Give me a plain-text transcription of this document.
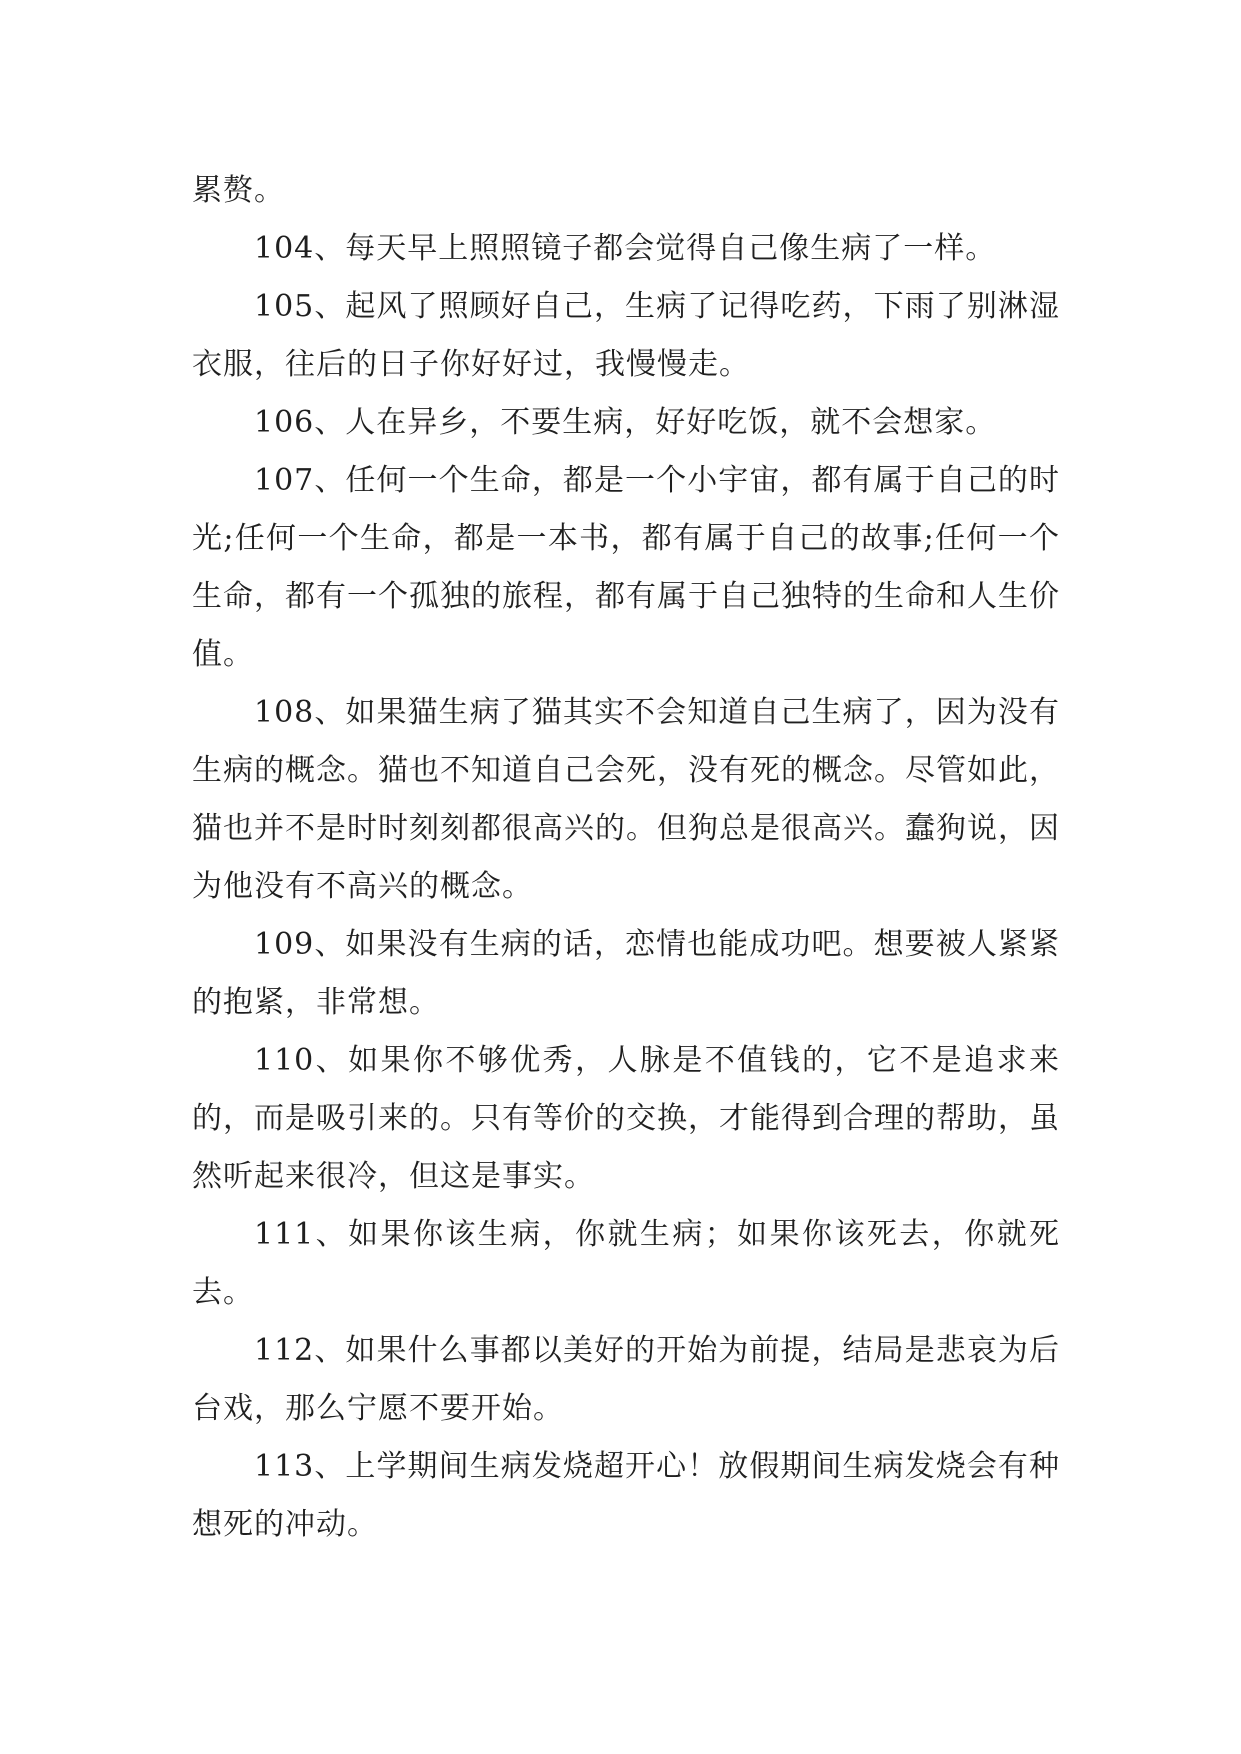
累赘。

104、每天早上照照镜子都会觉得自己像生病了一样。

105、起风了照顾好自己，生病了记得吃药，下雨了别淋湿衣服，往后的日子你好好过，我慢慢走。

106、人在异乡，不要生病，好好吃饭，就不会想家。

107、任何一个生命，都是一个小宇宙，都有属于自己的时光;任何一个生命，都是一本书，都有属于自己的故事;任何一个生命，都有一个孤独的旅程，都有属于自己独特的生命和人生价值。

108、如果猫生病了猫其实不会知道自己生病了，因为没有生病的概念。猫也不知道自己会死，没有死的概念。尽管如此，猫也并不是时时刻刻都很高兴的。但狗总是很高兴。蠢狗说，因为他没有不高兴的概念。

109、如果没有生病的话，恋情也能成功吧。想要被人紧紧的抱紧，非常想。

110、如果你不够优秀，人脉是不值钱的，它不是追求来的，而是吸引来的。只有等价的交换，才能得到合理的帮助，虽然听起来很冷，但这是事实。

111、如果你该生病，你就生病；如果你该死去，你就死去。

112、如果什么事都以美好的开始为前提，结局是悲哀为后台戏，那么宁愿不要开始。

113、上学期间生病发烧超开心！放假期间生病发烧会有种想死的冲动。
